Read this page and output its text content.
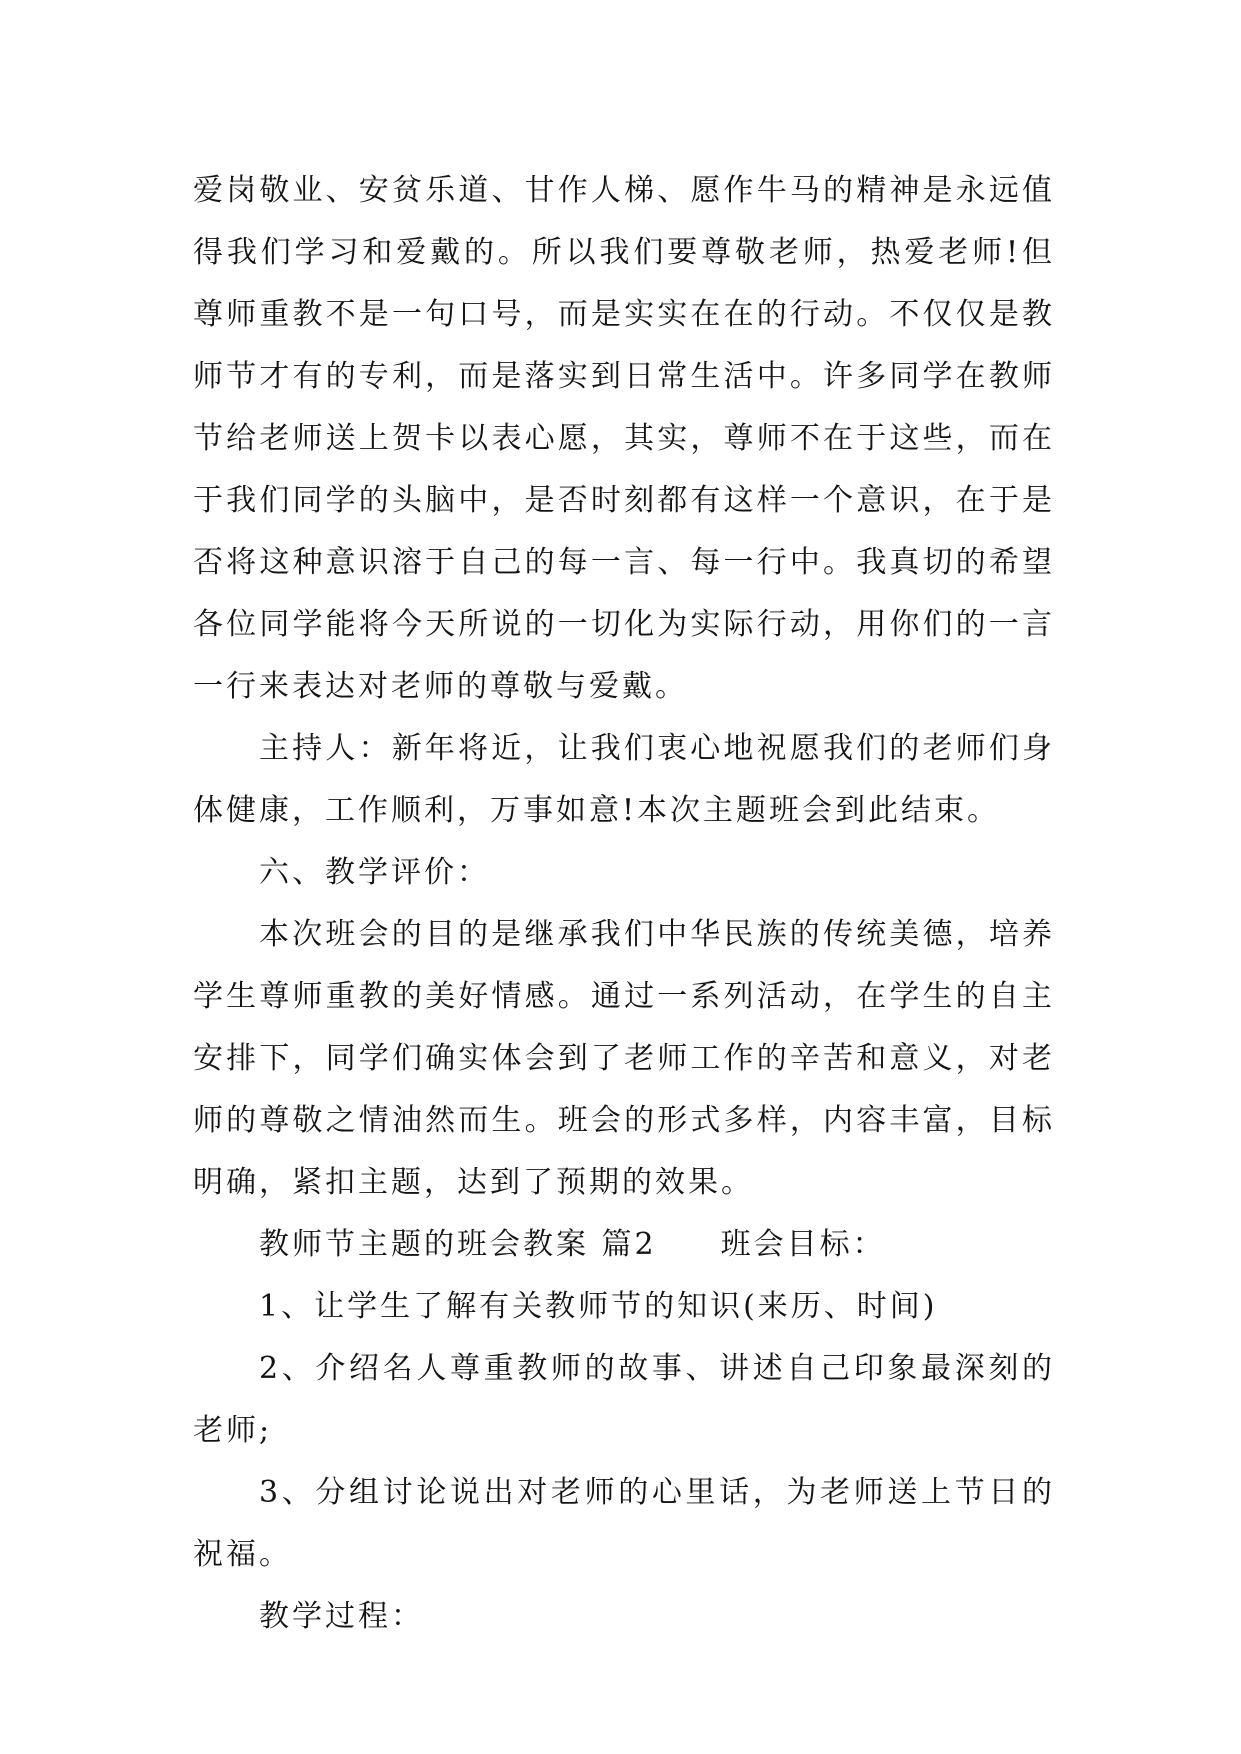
爱岗敬业、安贫乐道、甘作人梯、愿作牛马的精神是永远值得我们学习和爱戴的。所以我们要尊敬老师，热爱老师!但尊师重教不是一句口号，而是实实在在的行动。不仅仅是教师节才有的专利，而是落实到日常生活中。许多同学在教师节给老师送上贺卡以表心愿，其实，尊师不在于这些，而在于我们同学的头脑中，是否时刻都有这样一个意识，在于是否将这种意识溶于自己的每一言、每一行中。我真切的希望各位同学能将今天所说的一切化为实际行动，用你们的一言一行来表达对老师的尊敬与爱戴。

主持人：新年将近，让我们衷心地祝愿我们的老师们身体健康，工作顺利，万事如意!本次主题班会到此结束。

六、教学评价：

本次班会的目的是继承我们中华民族的传统美德，培养学生尊师重教的美好情感。通过一系列活动，在学生的自主安排下，同学们确实体会到了老师工作的辛苦和意义，对老师的尊敬之情油然而生。班会的形式多样，内容丰富，目标明确，紧扣主题，达到了预期的效果。

教师节主题的班会教案 篇2 班会目标：

1、让学生了解有关教师节的知识(来历、时间)

2、介绍名人尊重教师的故事、讲述自己印象最深刻的老师;

3、分组讨论说出对老师的心里话，为老师送上节日的祝福。

教学过程：
